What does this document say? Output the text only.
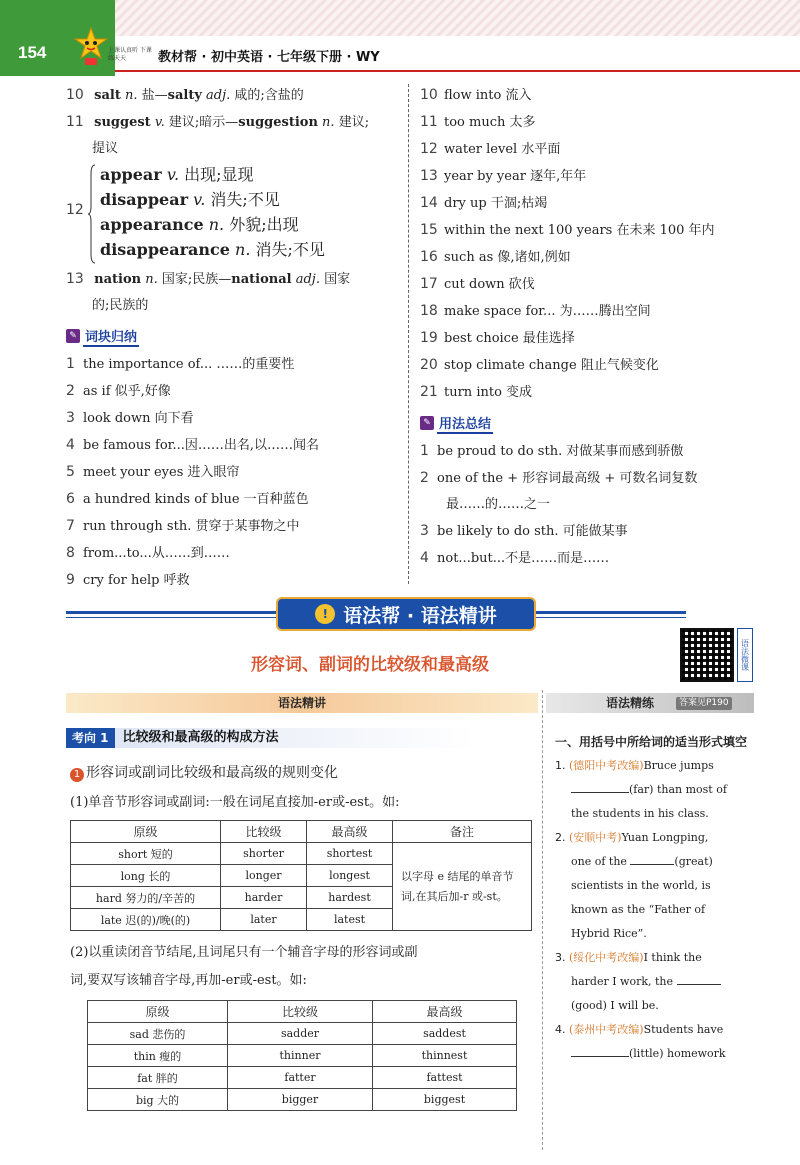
154	上课认真听 下课练天天	教材帮 · 初中英语 · 七年级下册 · WY
10 salt n. 盐—salty adj. 咸的;含盐的
11 suggest v. 建议;暗示—suggestion n. 建议;
提议
12
appear v. 出现;显现
disappear v. 消失;不见
appearance n. 外貌;出现
disappearance n. 消失;不见
13 nation n. 国家;民族—national adj. 国家
的;民族的
✎ 词块归纳
1 the importance of... ……的重要性
2 as if 似乎,好像
3 look down 向下看
4 be famous for...因……出名,以……闻名
5 meet your eyes 进入眼帘
6 a hundred kinds of blue 一百种蓝色
7 run through sth. 贯穿于某事物之中
8 from...to...从……到……
9 cry for help 呼救
10 flow into 流入
11 too much 太多
12 water level 水平面
13 year by year 逐年,年年
14 dry up 干涸;枯竭
15 within the next 100 years 在未来 100 年内
16 such as 像,诸如,例如
17 cut down 砍伐
18 make space for... 为……腾出空间
19 best choice 最佳选择
20 stop climate change 阻止气候变化
21 turn into 变成
✎ 用法总结
1 be proud to do sth. 对做某事而感到骄傲
2 one of the + 形容词最高级 + 可数名词复数
最……的……之一
3 be likely to do sth. 可能做某事
4 not...but...不是……而是……
! 语法帮 · 语法精讲
语法微课
形容词、副词的比较级和最高级
语法精讲	语法精练	答案见P190
考向 1	比较级和最高级的构成方法
1 形容词或副词比较级和最高级的规则变化
(1)单音节形容词或副词:一般在词尾直接加-er或-est。如:
原级	比较级	最高级	备注
short 短的	shorter	shortest	以字母 e 结尾的单音节词,在其后加-r 或-st。
long 长的	longer	longest	
hard 努力的/辛苦的	harder	hardest	
late 迟(的)/晚(的)	later	latest	
(2)以重读闭音节结尾,且词尾只有一个辅音字母的形容词或副
词,要双写该辅音字母,再加-er或-est。如:
原级	比较级	最高级
sad 悲伤的	sadder	saddest
thin 瘦的	thinner	thinnest
fat 胖的	fatter	fattest
big 大的	bigger	biggest
一、用括号中所给词的适当形式填空
1. (德阳中考改编)Bruce jumps
(far) than most of
the students in his class.
2. (安顺中考)Yuan Longping,
one of the	(great)
scientists in the world, is
known as the “Father of
Hybrid Rice”.
3. (绥化中考改编)I think the
harder I work, the
(good) I will be.
4. (泰州中考改编)Students have
(little) homework
